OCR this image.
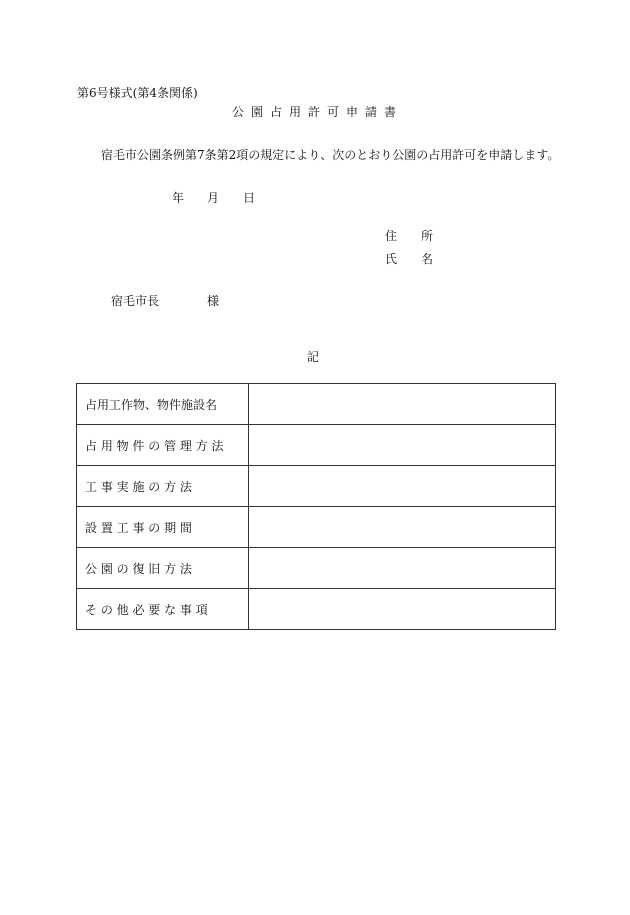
第6号様式(第4条関係)
公園占用許可申請書
宿毛市公園条例第7条第2項の規定により、次のとおり公園の占用許可を申請します。
年 月 日
住所
氏名
宿毛市長	様
記
占用工作物、物件施設名	

占 用 物 件 の 管 理 方 法	

工 事 実 施 の 方 法	

設 置 工 事 の 期 間	

公 園 の 復 旧 方 法	

そ の 他 必 要 な 事 項	
